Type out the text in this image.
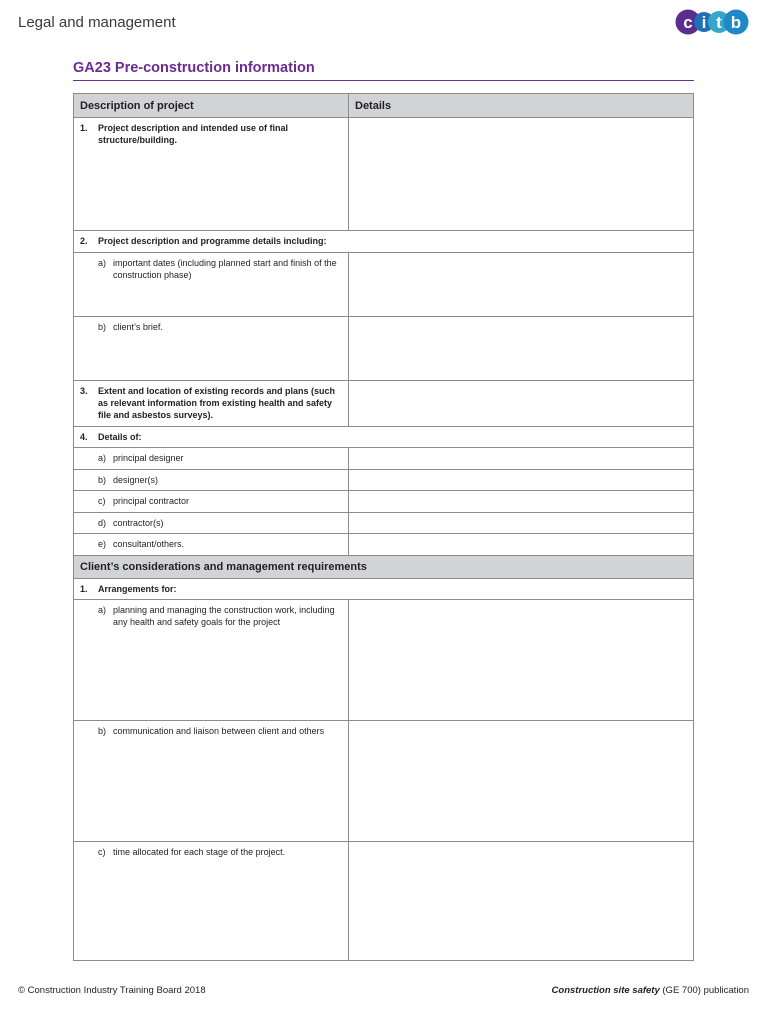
Legal and management	c i t b
GA23 Pre-construction information
Description of project	Details
1.	Project description and intended use of final structure/building.
2.	Project description and programme details including:
a) important dates (including planned start and finish of the construction phase)
b) client’s brief.
3.	Extent and location of existing records and plans (such as relevant information from existing health and safety file and asbestos surveys).
4.	Details of:
a) principal designer
b) designer(s)
c) principal contractor
d) contractor(s)
e) consultant/others.
Client’s considerations and management requirements
1.	Arrangements for:
a) planning and managing the construction work, including any health and safety goals for the project
b) communication and liaison between client and others
c) time allocated for each stage of the project.
© Construction Industry Training Board 2018	Construction site safety (GE 700) publication
